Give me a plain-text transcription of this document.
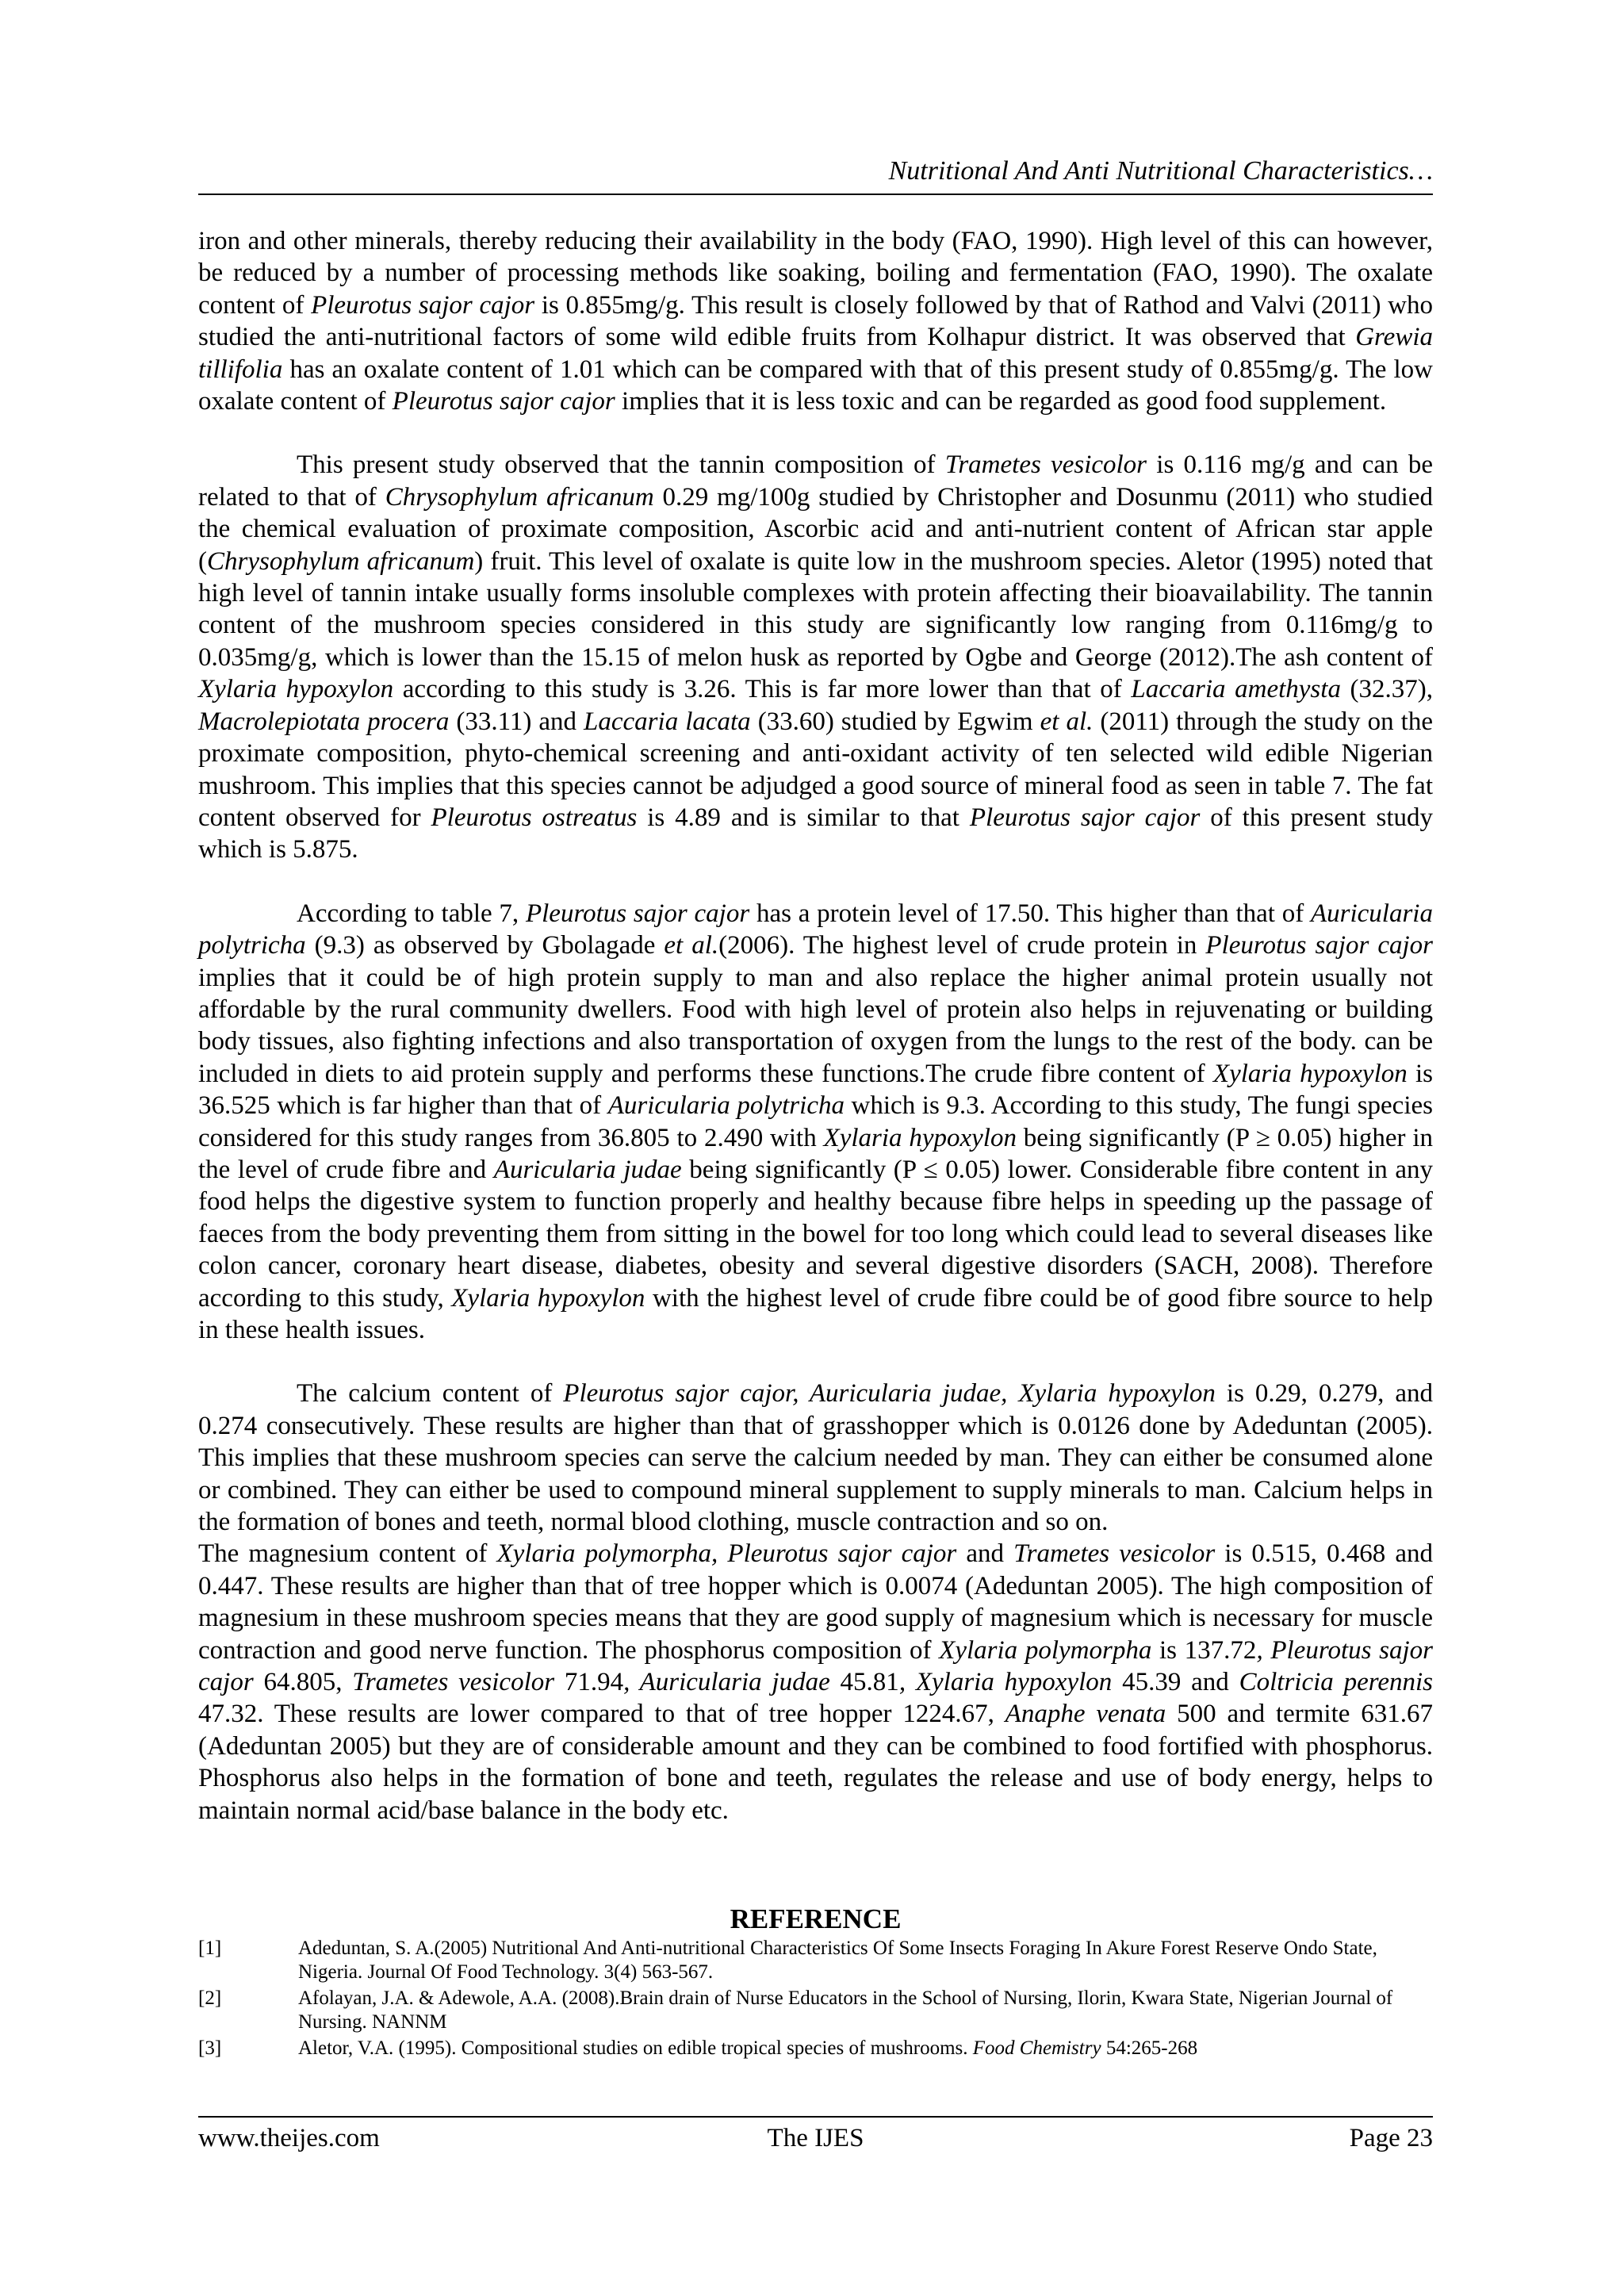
Nutritional And Anti Nutritional Characteristics…

iron and other minerals, thereby reducing their availability in the body (FAO, 1990). High level of this can however, be reduced by a number of processing methods like soaking, boiling and fermentation (FAO, 1990). The oxalate content of Pleurotus sajor cajor is 0.855mg/g. This result is closely followed by that of Rathod and Valvi (2011) who studied the anti-nutritional factors of some wild edible fruits from Kolhapur district. It was observed that Grewia tillifolia has an oxalate content of 1.01 which can be compared with that of this present study of 0.855mg/g. The low oxalate content of Pleurotus sajor cajor implies that it is less toxic and can be regarded as good food supplement.

This present study observed that the tannin composition of Trametes vesicolor is 0.116 mg/g and can be related to that of Chrysophylum africanum 0.29 mg/100g studied by Christopher and Dosunmu (2011) who studied the chemical evaluation of proximate composition, Ascorbic acid and anti-nutrient content of African star apple (Chrysophylum africanum) fruit. This level of oxalate is quite low in the mushroom species. Aletor (1995) noted that high level of tannin intake usually forms insoluble complexes with protein affecting their bioavailability. The tannin content of the mushroom species considered in this study are significantly low ranging from 0.116mg/g to 0.035mg/g, which is lower than the 15.15 of melon husk as reported by Ogbe and George (2012).The ash content of Xylaria hypoxylon according to this study is 3.26. This is far more lower than that of Laccaria amethysta (32.37), Macrolepiotata procera (33.11) and Laccaria lacata (33.60) studied by Egwim et al. (2011) through the study on the proximate composition, phyto-chemical screening and anti-oxidant activity of ten selected wild edible Nigerian mushroom. This implies that this species cannot be adjudged a good source of mineral food as seen in table 7. The fat content observed for Pleurotus ostreatus is 4.89 and is similar to that Pleurotus sajor cajor of this present study which is 5.875.

According to table 7, Pleurotus sajor cajor has a protein level of 17.50. This higher than that of Auricularia polytricha (9.3) as observed by Gbolagade et al.(2006). The highest level of crude protein in Pleurotus sajor cajor implies that it could be of high protein supply to man and also replace the higher animal protein usually not affordable by the rural community dwellers. Food with high level of protein also helps in rejuvenating or building body tissues, also fighting infections and also transportation of oxygen from the lungs to the rest of the body. can be included in diets to aid protein supply and performs these functions.The crude fibre content of Xylaria hypoxylon is 36.525 which is far higher than that of Auricularia polytricha which is 9.3. According to this study, The fungi species considered for this study ranges from 36.805 to 2.490 with Xylaria hypoxylon being significantly (P ≥ 0.05) higher in the level of crude fibre and Auricularia judae being significantly (P ≤ 0.05) lower. Considerable fibre content in any food helps the digestive system to function properly and healthy because fibre helps in speeding up the passage of faeces from the body preventing them from sitting in the bowel for too long which could lead to several diseases like colon cancer, coronary heart disease, diabetes, obesity and several digestive disorders (SACH, 2008). Therefore according to this study, Xylaria hypoxylon with the highest level of crude fibre could be of good fibre source to help in these health issues.

The calcium content of Pleurotus sajor cajor, Auricularia judae, Xylaria hypoxylon is 0.29, 0.279, and 0.274 consecutively. These results are higher than that of grasshopper which is 0.0126 done by Adeduntan (2005). This implies that these mushroom species can serve the calcium needed by man. They can either be consumed alone or combined. They can either be used to compound mineral supplement to supply minerals to man. Calcium helps in the formation of bones and teeth, normal blood clothing, muscle contraction and so on.

The magnesium content of Xylaria polymorpha, Pleurotus sajor cajor and Trametes vesicolor is 0.515, 0.468 and 0.447. These results are higher than that of tree hopper which is 0.0074 (Adeduntan 2005). The high composition of magnesium in these mushroom species means that they are good supply of magnesium which is necessary for muscle contraction and good nerve function. The phosphorus composition of Xylaria polymorpha is 137.72, Pleurotus sajor cajor 64.805, Trametes vesicolor 71.94, Auricularia judae 45.81, Xylaria hypoxylon 45.39 and Coltricia perennis 47.32. These results are lower compared to that of tree hopper 1224.67, Anaphe venata 500 and termite 631.67 (Adeduntan 2005) but they are of considerable amount and they can be combined to food fortified with phosphorus. Phosphorus also helps in the formation of bone and teeth, regulates the release and use of body energy, helps to maintain normal acid/base balance in the body etc.

REFERENCE
[1]	Adeduntan, S. A.(2005) Nutritional And Anti-nutritional Characteristics Of Some Insects Foraging In Akure Forest Reserve Ondo State, Nigeria. Journal Of Food Technology. 3(4) 563-567.
[2]	Afolayan, J.A. & Adewole, A.A. (2008).Brain drain of Nurse Educators in the School of Nursing, Ilorin, Kwara State, Nigerian Journal of Nursing. NANNM
[3]	Aletor, V.A. (1995). Compositional studies on edible tropical species of mushrooms. Food Chemistry 54:265-268
www.theijes.com	The IJES	Page 23
